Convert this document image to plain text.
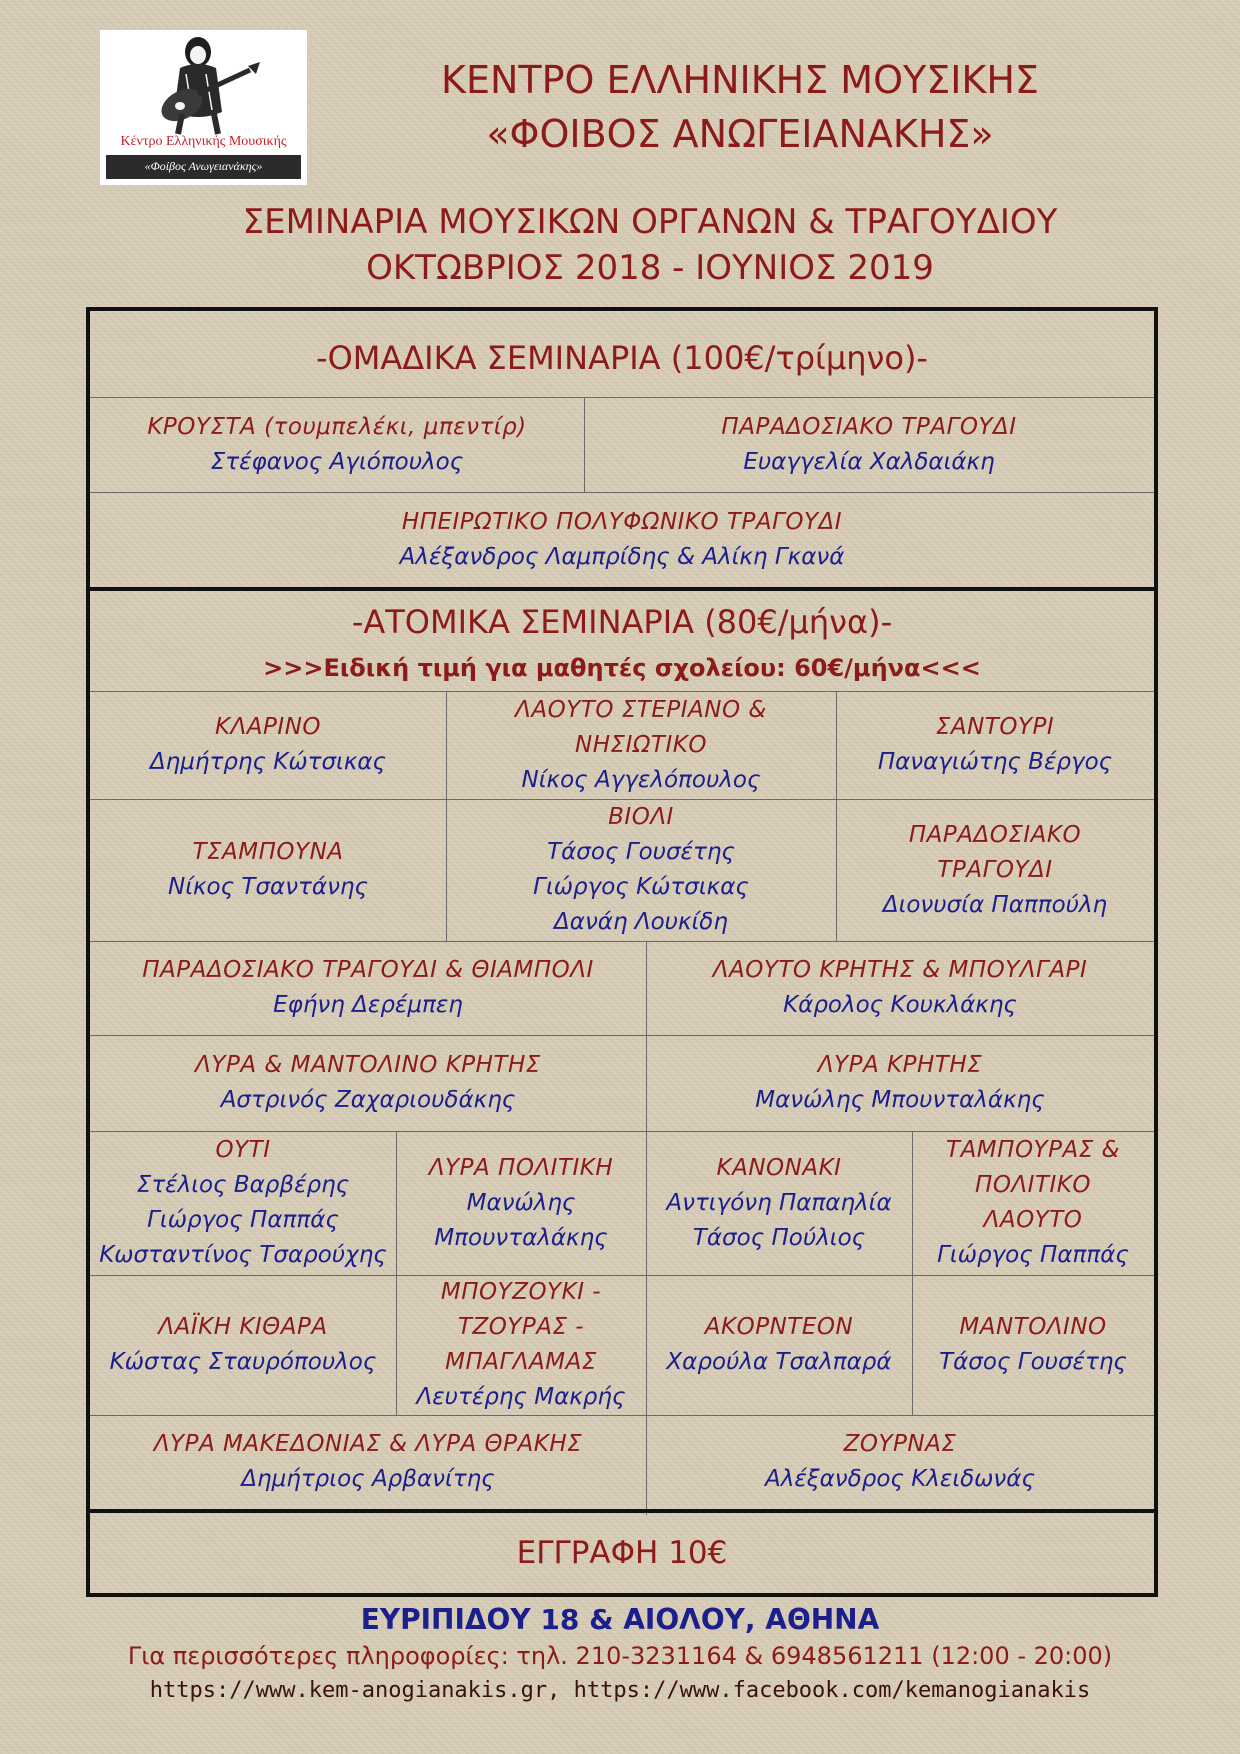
Κέντρο Ελληνικής Μουσικής
«Φοίβος Ανωγειανάκης»
ΚΕΝΤΡΟ ΕΛΛΗΝΙΚΗΣ ΜΟΥΣΙΚΗΣ
«ΦΟΙΒΟΣ ΑΝΩΓΕΙΑΝΑΚΗΣ»
ΣΕΜΙΝΑΡΙΑ ΜΟΥΣΙΚΩΝ ΟΡΓΑΝΩΝ & ΤΡΑΓΟΥΔΙΟΥ
ΟΚΤΩΒΡΙΟΣ 2018 - ΙΟΥΝΙΟΣ 2019
-ΟΜΑΔΙΚΑ ΣΕΜΙΝΑΡΙΑ (100€/τρίμηνο)-
ΚΡΟΥΣΤΑ (τουμπελέκι, μπεντίρ)
Στέφανος Αγιόπουλος
ΠΑΡΑΔΟΣΙΑΚΟ ΤΡΑΓΟΥΔΙ
Ευαγγελία Χαλδαιάκη
ΗΠΕΙΡΩΤΙΚΟ ΠΟΛΥΦΩΝΙΚΟ ΤΡΑΓΟΥΔΙ
Αλέξανδρος Λαμπρίδης & Αλίκη Γκανά
-ΑΤΟΜΙΚΑ ΣΕΜΙΝΑΡΙΑ (80€/μήνα)-
>>>Ειδική τιμή για μαθητές σχολείου: 60€/μήνα<<<
ΚΛΑΡΙΝΟ
Δημήτρης Κώτσικας
ΛΑΟΥΤΟ ΣΤΕΡΙΑΝΟ &
ΝΗΣΙΩΤΙΚΟ
Νίκος Αγγελόπουλος
ΣΑΝΤΟΥΡΙ
Παναγιώτης Βέργος
ΤΣΑΜΠΟΥΝΑ
Νίκος Τσαντάνης
ΒΙΟΛΙ
Τάσος Γουσέτης
Γιώργος Κώτσικας
Δανάη Λουκίδη
ΠΑΡΑΔΟΣΙΑΚΟ
ΤΡΑΓΟΥΔΙ
Διονυσία Παππούλη
ΠΑΡΑΔΟΣΙΑΚΟ ΤΡΑΓΟΥΔΙ & ΘΙΑΜΠΟΛΙ
Εφήνη Δερέμπεη
ΛΑΟΥΤΟ ΚΡΗΤΗΣ & ΜΠΟΥΛΓΑΡΙ
Κάρολος Κουκλάκης
ΛΥΡΑ & ΜΑΝΤΟΛΙΝΟ ΚΡΗΤΗΣ
Αστρινός Ζαχαριουδάκης
ΛΥΡΑ ΚΡΗΤΗΣ
Μανώλης Μπουνταλάκης
ΟΥΤΙ
Στέλιος Βαρβέρης
Γιώργος Παππάς
Κωσταντίνος Τσαρούχης
ΛΥΡΑ ΠΟΛΙΤΙΚΗ
Μανώλης
Μπουνταλάκης
ΚΑΝΟΝΑΚΙ
Αντιγόνη Παπαηλία
Τάσος Πούλιος
ΤΑΜΠΟΥΡΑΣ &
ΠΟΛΙΤΙΚΟ
ΛΑΟΥΤΟ
Γιώργος Παππάς
ΛΑΪΚΗ ΚΙΘΑΡΑ
Κώστας Σταυρόπουλος
ΜΠΟΥΖΟΥΚΙ -
ΤΖΟΥΡΑΣ -
ΜΠΑΓΛΑΜΑΣ
Λευτέρης Μακρής
ΑΚΟΡΝΤΕΟΝ
Χαρούλα Τσαλπαρά
ΜΑΝΤΟΛΙΝΟ
Τάσος Γουσέτης
ΛΥΡΑ ΜΑΚΕΔΟΝΙΑΣ & ΛΥΡΑ ΘΡΑΚΗΣ
Δημήτριος Αρβανίτης
ΖΟΥΡΝΑΣ
Αλέξανδρος Κλειδωνάς
ΕΓΓΡΑΦΗ 10€
ΕΥΡΙΠΙΔΟΥ 18 & ΑΙΟΛΟΥ, ΑΘΗΝΑ
Για περισσότερες πληροφορίες: τηλ. 210-3231164 & 6948561211 (12:00 - 20:00)
https://www.kem-anogianakis.gr, https://www.facebook.com/kemanogianakis
